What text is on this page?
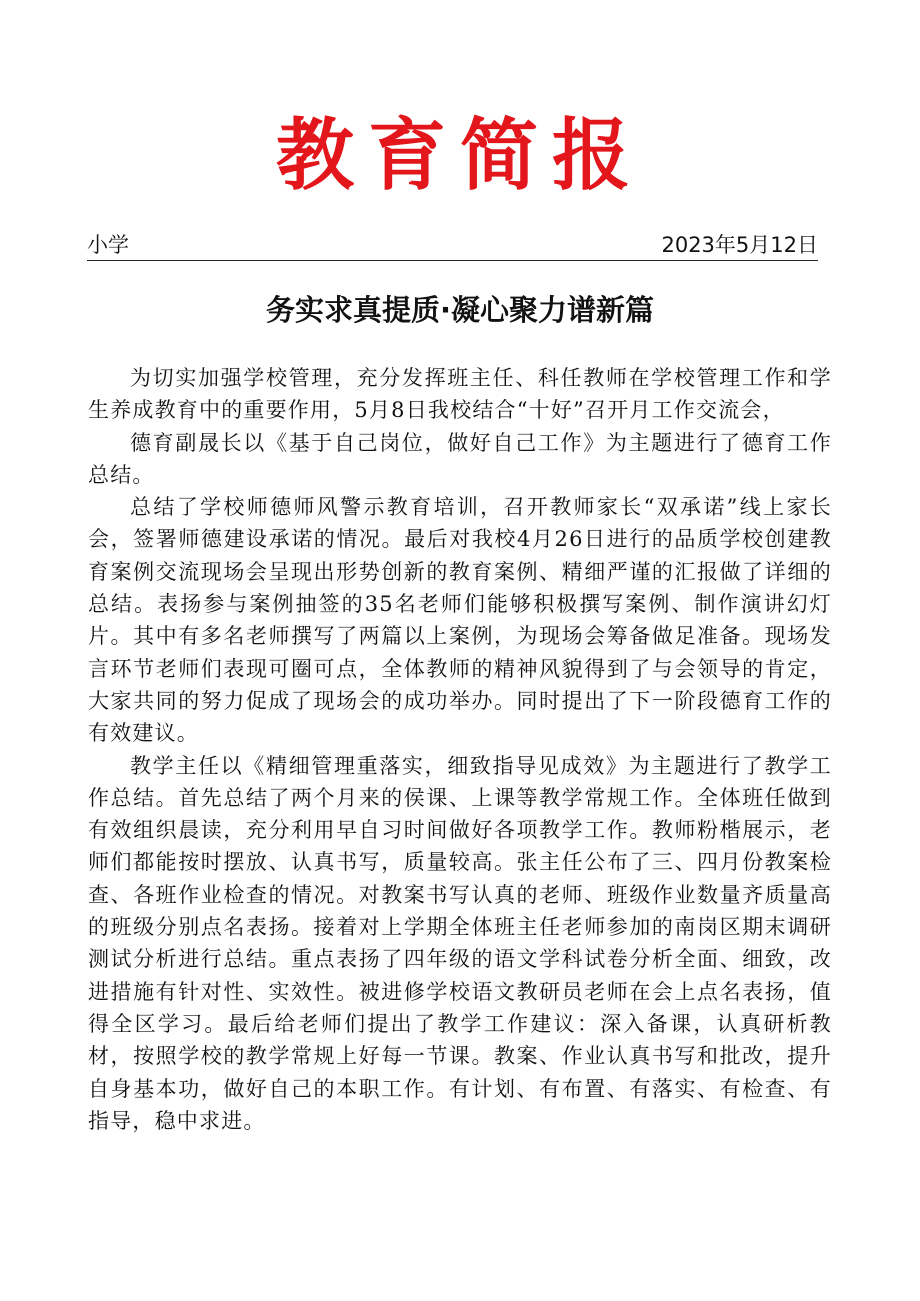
教育简报
小学	2023年5月12日
务实求真提质·凝心聚力谱新篇

为切实加强学校管理，充分发挥班主任、科任教师在学校管理工作和学生养成教育中的重要作用，5月8日我校结合“十好”召开月工作交流会，

德育副晟长以《基于自己岗位，做好自己工作》为主题进行了德育工作总结。

总结了学校师德师风警示教育培训，召开教师家长“双承诺”线上家长会，签署师德建设承诺的情况。最后对我校4月26日进行的品质学校创建教育案例交流现场会呈现出形势创新的教育案例、精细严谨的汇报做了详细的总结。表扬参与案例抽签的35名老师们能够积极撰写案例、制作演讲幻灯片。其中有多名老师撰写了两篇以上案例，为现场会筹备做足准备。现场发言环节老师们表现可圈可点，全体教师的精神风貌得到了与会领导的肯定，大家共同的努力促成了现场会的成功举办。同时提出了下一阶段德育工作的有效建议。

教学主任以《精细管理重落实，细致指导见成效》为主题进行了教学工作总结。首先总结了两个月来的侯课、上课等教学常规工作。全体班任做到有效组织晨读，充分利用早自习时间做好各项教学工作。教师粉楷展示，老师们都能按时摆放、认真书写，质量较高。张主任公布了三、四月份教案检查、各班作业检查的情况。对教案书写认真的老师、班级作业数量齐质量高的班级分别点名表扬。接着对上学期全体班主任老师参加的南岗区期末调研测试分析进行总结。重点表扬了四年级的语文学科试卷分析全面、细致，改进措施有针对性、实效性。被进修学校语文教研员老师在会上点名表扬，值得全区学习。最后给老师们提出了教学工作建议：深入备课，认真研析教材，按照学校的教学常规上好每一节课。教案、作业认真书写和批改，提升自身基本功，做好自己的本职工作。有计划、有布置、有落实、有检查、有指导，稳中求进。
